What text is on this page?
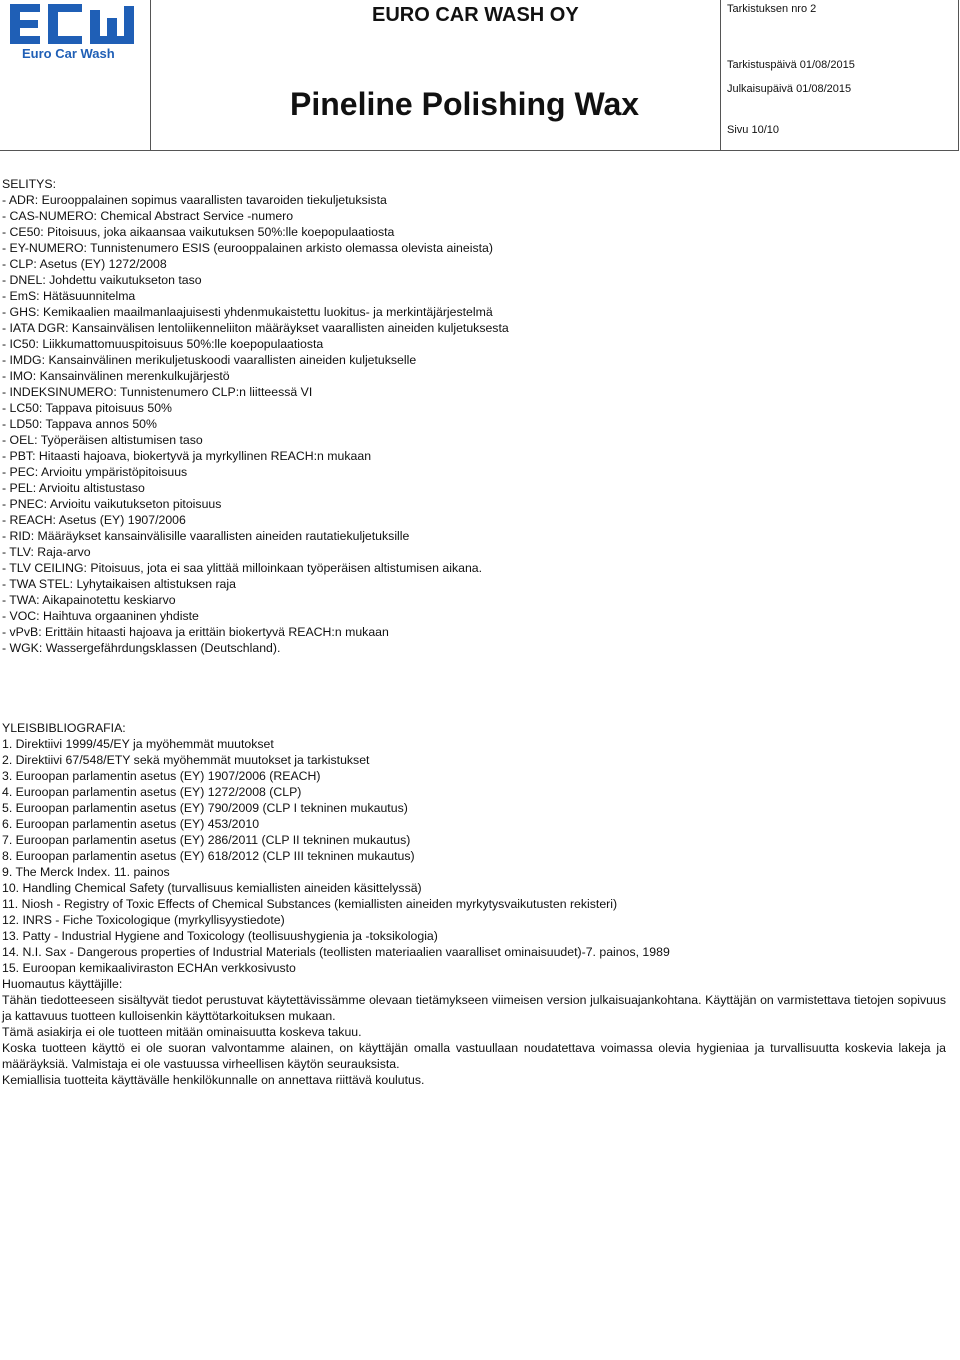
Euro Car Wash
EURO CAR WASH OY
Pineline Polishing Wax
Tarkistuksen nro 2
Tarkistuspäivä 01/08/2015
Julkaisupäivä 01/08/2015
Sivu 10/10
SELITYS:
- ADR: Eurooppalainen sopimus vaarallisten tavaroiden tiekuljetuksista
- CAS-NUMERO: Chemical Abstract Service -numero
- CE50: Pitoisuus, joka aikaansaa vaikutuksen 50%:lle koepopulaatiosta
- EY-NUMERO: Tunnistenumero ESIS (eurooppalainen arkisto olemassa olevista aineista)
- CLP: Asetus (EY) 1272/2008
- DNEL: Johdettu vaikutukseton taso
- EmS: Hätäsuunnitelma
- GHS: Kemikaalien maailmanlaajuisesti yhdenmukaistettu luokitus- ja merkintäjärjestelmä
- IATA DGR: Kansainvälisen lentoliikenneliiton määräykset vaarallisten aineiden kuljetuksesta
- IC50: Liikkumattomuuspitoisuus 50%:lle koepopulaatiosta
- IMDG: Kansainvälinen merikuljetuskoodi vaarallisten aineiden kuljetukselle
- IMO: Kansainvälinen merenkulkujärjestö
- INDEKSINUMERO: Tunnistenumero CLP:n liitteessä VI
- LC50: Tappava pitoisuus 50%
- LD50: Tappava annos 50%
- OEL: Työperäisen altistumisen taso
- PBT: Hitaasti hajoava, biokertyvä ja myrkyllinen REACH:n mukaan
- PEC: Arvioitu ympäristöpitoisuus
- PEL: Arvioitu altistustaso
- PNEC: Arvioitu vaikutukseton pitoisuus
- REACH: Asetus (EY) 1907/2006
- RID: Määräykset kansainvälisille vaarallisten aineiden rautatiekuljetuksille
- TLV: Raja-arvo
- TLV CEILING: Pitoisuus, jota ei saa ylittää milloinkaan työperäisen altistumisen aikana.
- TWA STEL: Lyhytaikaisen altistuksen raja
- TWA: Aikapainotettu keskiarvo
- VOC: Haihtuva orgaaninen yhdiste
- vPvB: Erittäin hitaasti hajoava ja erittäin biokertyvä REACH:n mukaan
- WGK: Wassergefährdungsklassen (Deutschland).
YLEISBIBLIOGRAFIA:
1. Direktiivi 1999/45/EY ja myöhemmät muutokset
2. Direktiivi 67/548/ETY sekä myöhemmät muutokset ja tarkistukset
3. Euroopan parlamentin asetus (EY) 1907/2006 (REACH)
4. Euroopan parlamentin asetus (EY) 1272/2008 (CLP)
5. Euroopan parlamentin asetus (EY) 790/2009 (CLP I tekninen mukautus)
6. Euroopan parlamentin asetus (EY) 453/2010
7. Euroopan parlamentin asetus (EY) 286/2011 (CLP II tekninen mukautus)
8. Euroopan parlamentin asetus (EY) 618/2012 (CLP III tekninen mukautus)
9. The Merck Index. 11. painos
10. Handling Chemical Safety (turvallisuus kemiallisten aineiden käsittelyssä)
11. Niosh - Registry of Toxic Effects of Chemical Substances (kemiallisten aineiden myrkytysvaikutusten rekisteri)
12. INRS - Fiche Toxicologique (myrkyllisyystiedote)
13. Patty - Industrial Hygiene and Toxicology (teollisuushygienia ja -toksikologia)
14. N.I. Sax - Dangerous properties of Industrial Materials (teollisten materiaalien vaaralliset ominaisuudet)-7. painos, 1989
15. Euroopan kemikaaliviraston ECHAn verkkosivusto
Huomautus käyttäjille:
Tähän tiedotteeseen sisältyvät tiedot perustuvat käytettävissämme olevaan tietämykseen viimeisen version julkaisuajankohtana. Käyttäjän on varmistettava tietojen sopivuus ja kattavuus tuotteen kulloisenkin käyttötarkoituksen mukaan.
Tämä asiakirja ei ole tuotteen mitään ominaisuutta koskeva takuu.
Koska tuotteen käyttö ei ole suoran valvontamme alainen, on käyttäjän omalla vastuullaan noudatettava voimassa olevia hygieniaa ja turvallisuutta koskevia lakeja ja määräyksiä. Valmistaja ei ole vastuussa virheellisen käytön seurauksista.
Kemiallisia tuotteita käyttävälle henkilökunnalle on annettava riittävä koulutus.
